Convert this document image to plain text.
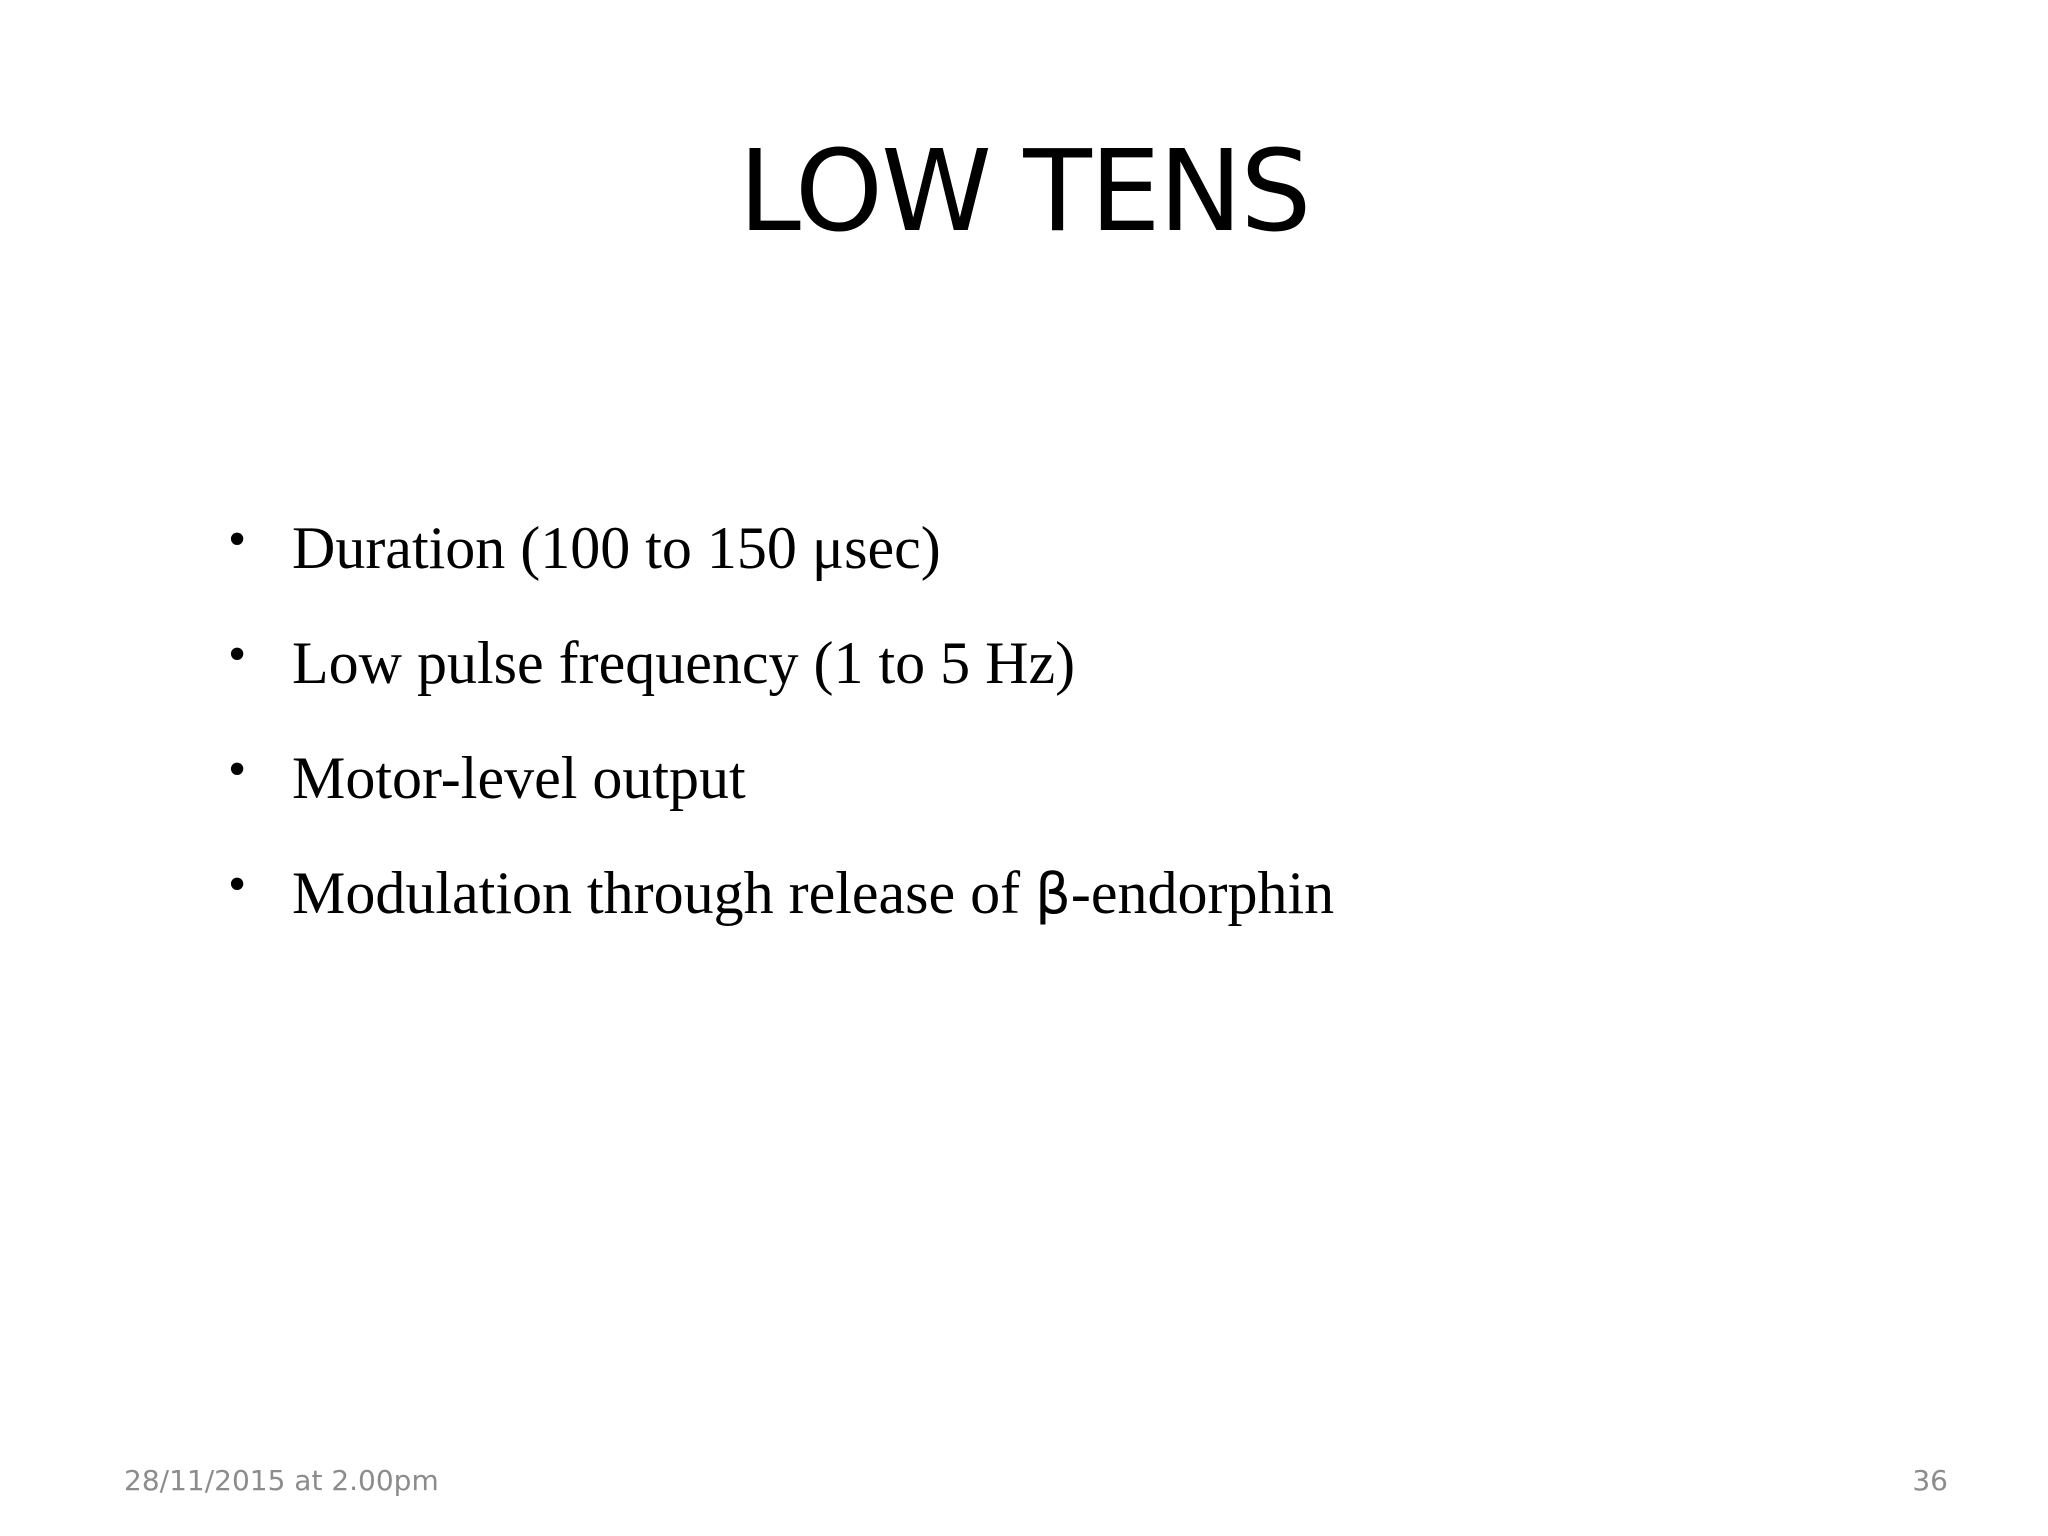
LOW TENS
• Duration (100 to 150 μsec)
• Low pulse frequency (1 to 5 Hz)
• Motor-level output
• Modulation through release of β-endorphin
28/11/2015 at 2.00pm	36
